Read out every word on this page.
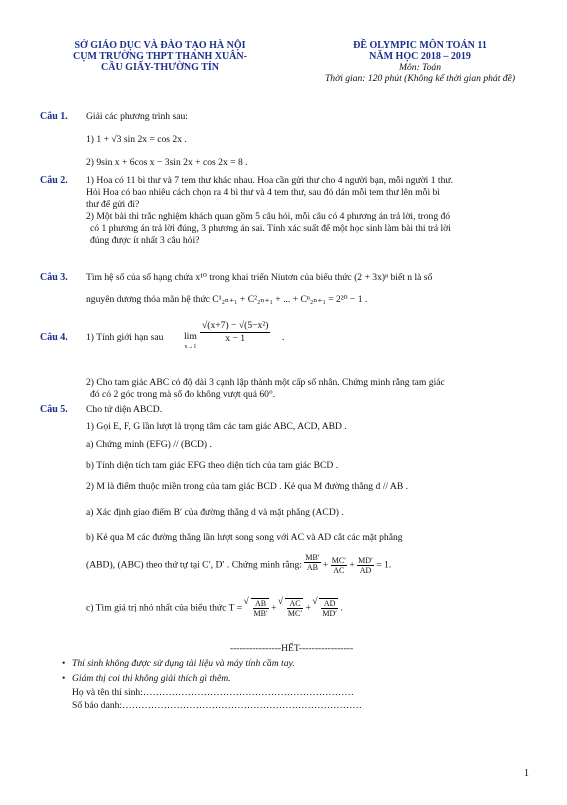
SỞ GIÁO DỤC VÀ ĐÀO TẠO HÀ NỘI
CỤM TRƯỜNG THPT THANH XUÂN-
CẦU GIẤY-THƯỜNG TÍN
ĐỀ OLYMPIC MÔN TOÁN 11
NĂM HỌC 2018 – 2019
Môn: Toán
Thời gian: 120 phút (Không kể thời gian phát đề)
Câu 1. Giải các phương trình sau:
1) 1 + √3 sin 2x = cos 2x .
2) 9sin x + 6cos x − 3sin 2x + cos 2x = 8 .
Câu 2. 1) Hoa có 11 bì thư và 7 tem thư khác nhau. Hoa cần gửi thư cho 4 người bạn, mỗi người 1 thư.
Hỏi Hoa có bao nhiêu cách chọn ra 4 bì thư và 4 tem thư, sau đó dán mỗi tem thư lên mỗi bì
thư để gửi đi?
2) Một bài thi trắc nghiệm khách quan gồm 5 câu hỏi, mỗi câu có 4 phương án trả lời, trong đó
có 1 phương án trả lời đúng, 3 phương án sai. Tính xác suất để một học sinh làm bài thi trả lời
đúng được ít nhất 3 câu hỏi?
Câu 3. Tìm hệ số của số hạng chứa x¹⁰ trong khai triển Niutơn của biểu thức (2 + 3x)ⁿ biết n là số
nguyên dương thỏa mãn hệ thức C¹₂ₙ₊₁ + C²₂ₙ₊₁ + ... + Cⁿ₂ₙ₊₁ = 2²⁰ − 1 .
Câu 4. 1) Tính giới hạn sau lim
x→1
$\frac{\text{√(x+7) − √(5−x²)}}{x - 1}$ .
2) Cho tam giác ABC có độ dài 3 cạnh lập thành một cấp số nhân. Chứng minh rằng tam giác
đó có 2 góc trong mà số đo không vượt quá 60°.
Câu 5. Cho tứ diện ABCD.
1) Gọi E, F, G lần lượt là trọng tâm các tam giác ABC, ACD, ABD .
a) Chứng minh (EFG) // (BCD) .
b) Tính diện tích tam giác EFG theo diện tích của tam giác BCD .
2) M là điểm thuộc miền trong của tam giác BCD . Kẻ qua M đường thẳng d // AB .
a) Xác định giao điểm B′ của đường thẳng d và mặt phẳng (ACD) .
b) Kẻ qua M các đường thẳng lần lượt song song với AC và AD cắt các mặt phẳng
(ABD), (ABC) theo thứ tự tại C′, D′ . Chứng minh rằng: $\frac{MB'}{AB} + \frac{MC'}{AC} + \frac{MD'}{AD} = 1$.
c) Tìm giá trị nhỏ nhất của biểu thức T = √ $\frac{AB}{MB'}$ + √ $\frac{AC}{MC'}$ + √ $\frac{AD}{MD'}$ .
----------------HẾT-----------------
• Thí sinh không được sử dụng tài liệu và máy tính cầm tay.
• Giám thị coi thi không giải thích gì thêm.
Họ và tên thí sinh:…………………………………………………………
Số báo danh:…………………………………………………………………
1
